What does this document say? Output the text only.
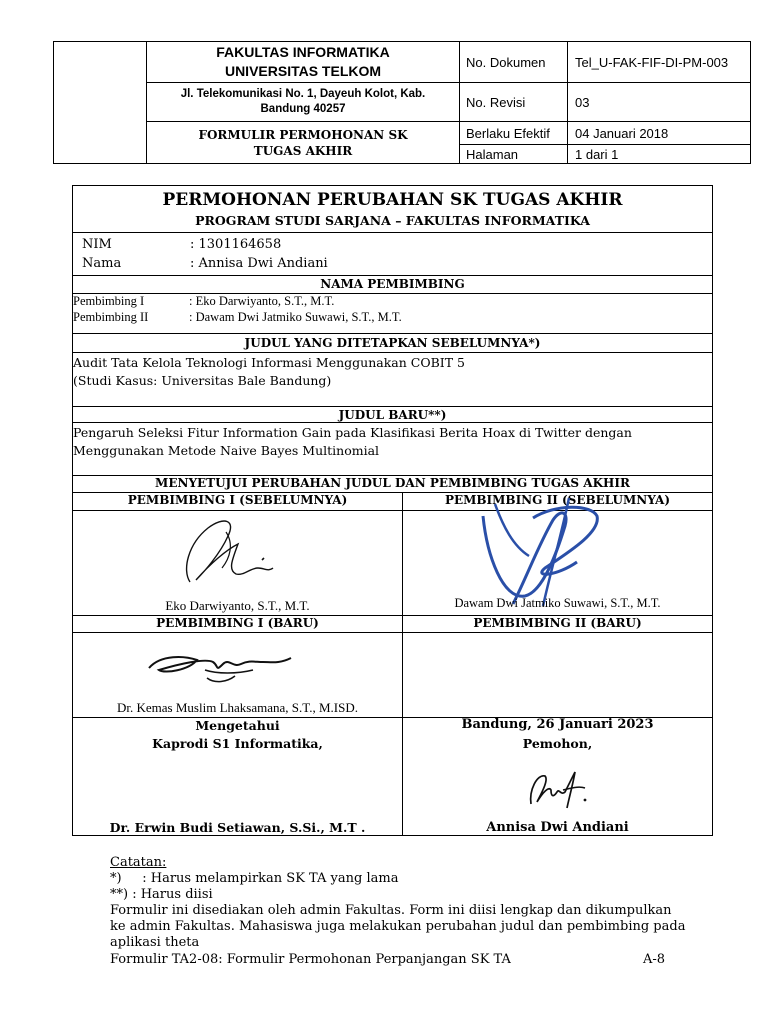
FAKULTAS INFORMATIKA
UNIVERSITAS TELKOM
Jl. Telekomunikasi No. 1, Dayeuh Kolot, Kab.
Bandung 40257
FORMULIR PERMOHONAN SK
TUGAS AKHIR
No. Dokumen Tel_U-FAK-FIF-DI-PM-003
No. Revisi	03
Berlaku Efektif 04 Januari 2018
Halaman	1 dari 1
PERMOHONAN PERUBAHAN SK TUGAS AKHIR
PROGRAM STUDI SARJANA – FAKULTAS INFORMATIKA
NIM	: 1301164658
Nama	: Annisa Dwi Andiani
NAMA PEMBIMBING
Pembimbing I	: Eko Darwiyanto, S.T., M.T.
Pembimbing II	: Dawam Dwi Jatmiko Suwawi, S.T., M.T.
JUDUL YANG DITETAPKAN SEBELUMNYA*)
Audit Tata Kelola Teknologi Informasi Menggunakan COBIT 5
(Studi Kasus: Universitas Bale Bandung)
JUDUL BARU**)
Pengaruh Seleksi Fitur Information Gain pada Klasifikasi Berita Hoax di Twitter dengan
Menggunakan Metode Naive Bayes Multinomial
MENYETUJUI PERUBAHAN JUDUL DAN PEMBIMBING TUGAS AKHIR
PEMBIMBING I (SEBELUMNYA)	PEMBIMBING II (SEBELUMNYA)
Eko Darwiyanto, S.T., M.T.	Dawam Dwi Jatmiko Suwawi, S.T., M.T.
PEMBIMBING I (BARU)	PEMBIMBING II (BARU)
Dr. Kemas Muslim Lhaksamana, S.T., M.ISD.
Mengetahui
Kaprodi S1 Informatika,
Dr. Erwin Budi Setiawan, S.Si., M.T .
Bandung, 26 Januari 2023
Pemohon,
Annisa Dwi Andiani
Catatan:
*)     : Harus melampirkan SK TA yang lama
**) : Harus diisi
Formulir ini disediakan oleh admin Fakultas. Form ini diisi lengkap dan dikumpulkan
ke admin Fakultas. Mahasiswa juga melakukan perubahan judul dan pembimbing pada
aplikasi theta
Formulir TA2-08: Formulir Permohonan Perpanjangan SK TA	A-8
